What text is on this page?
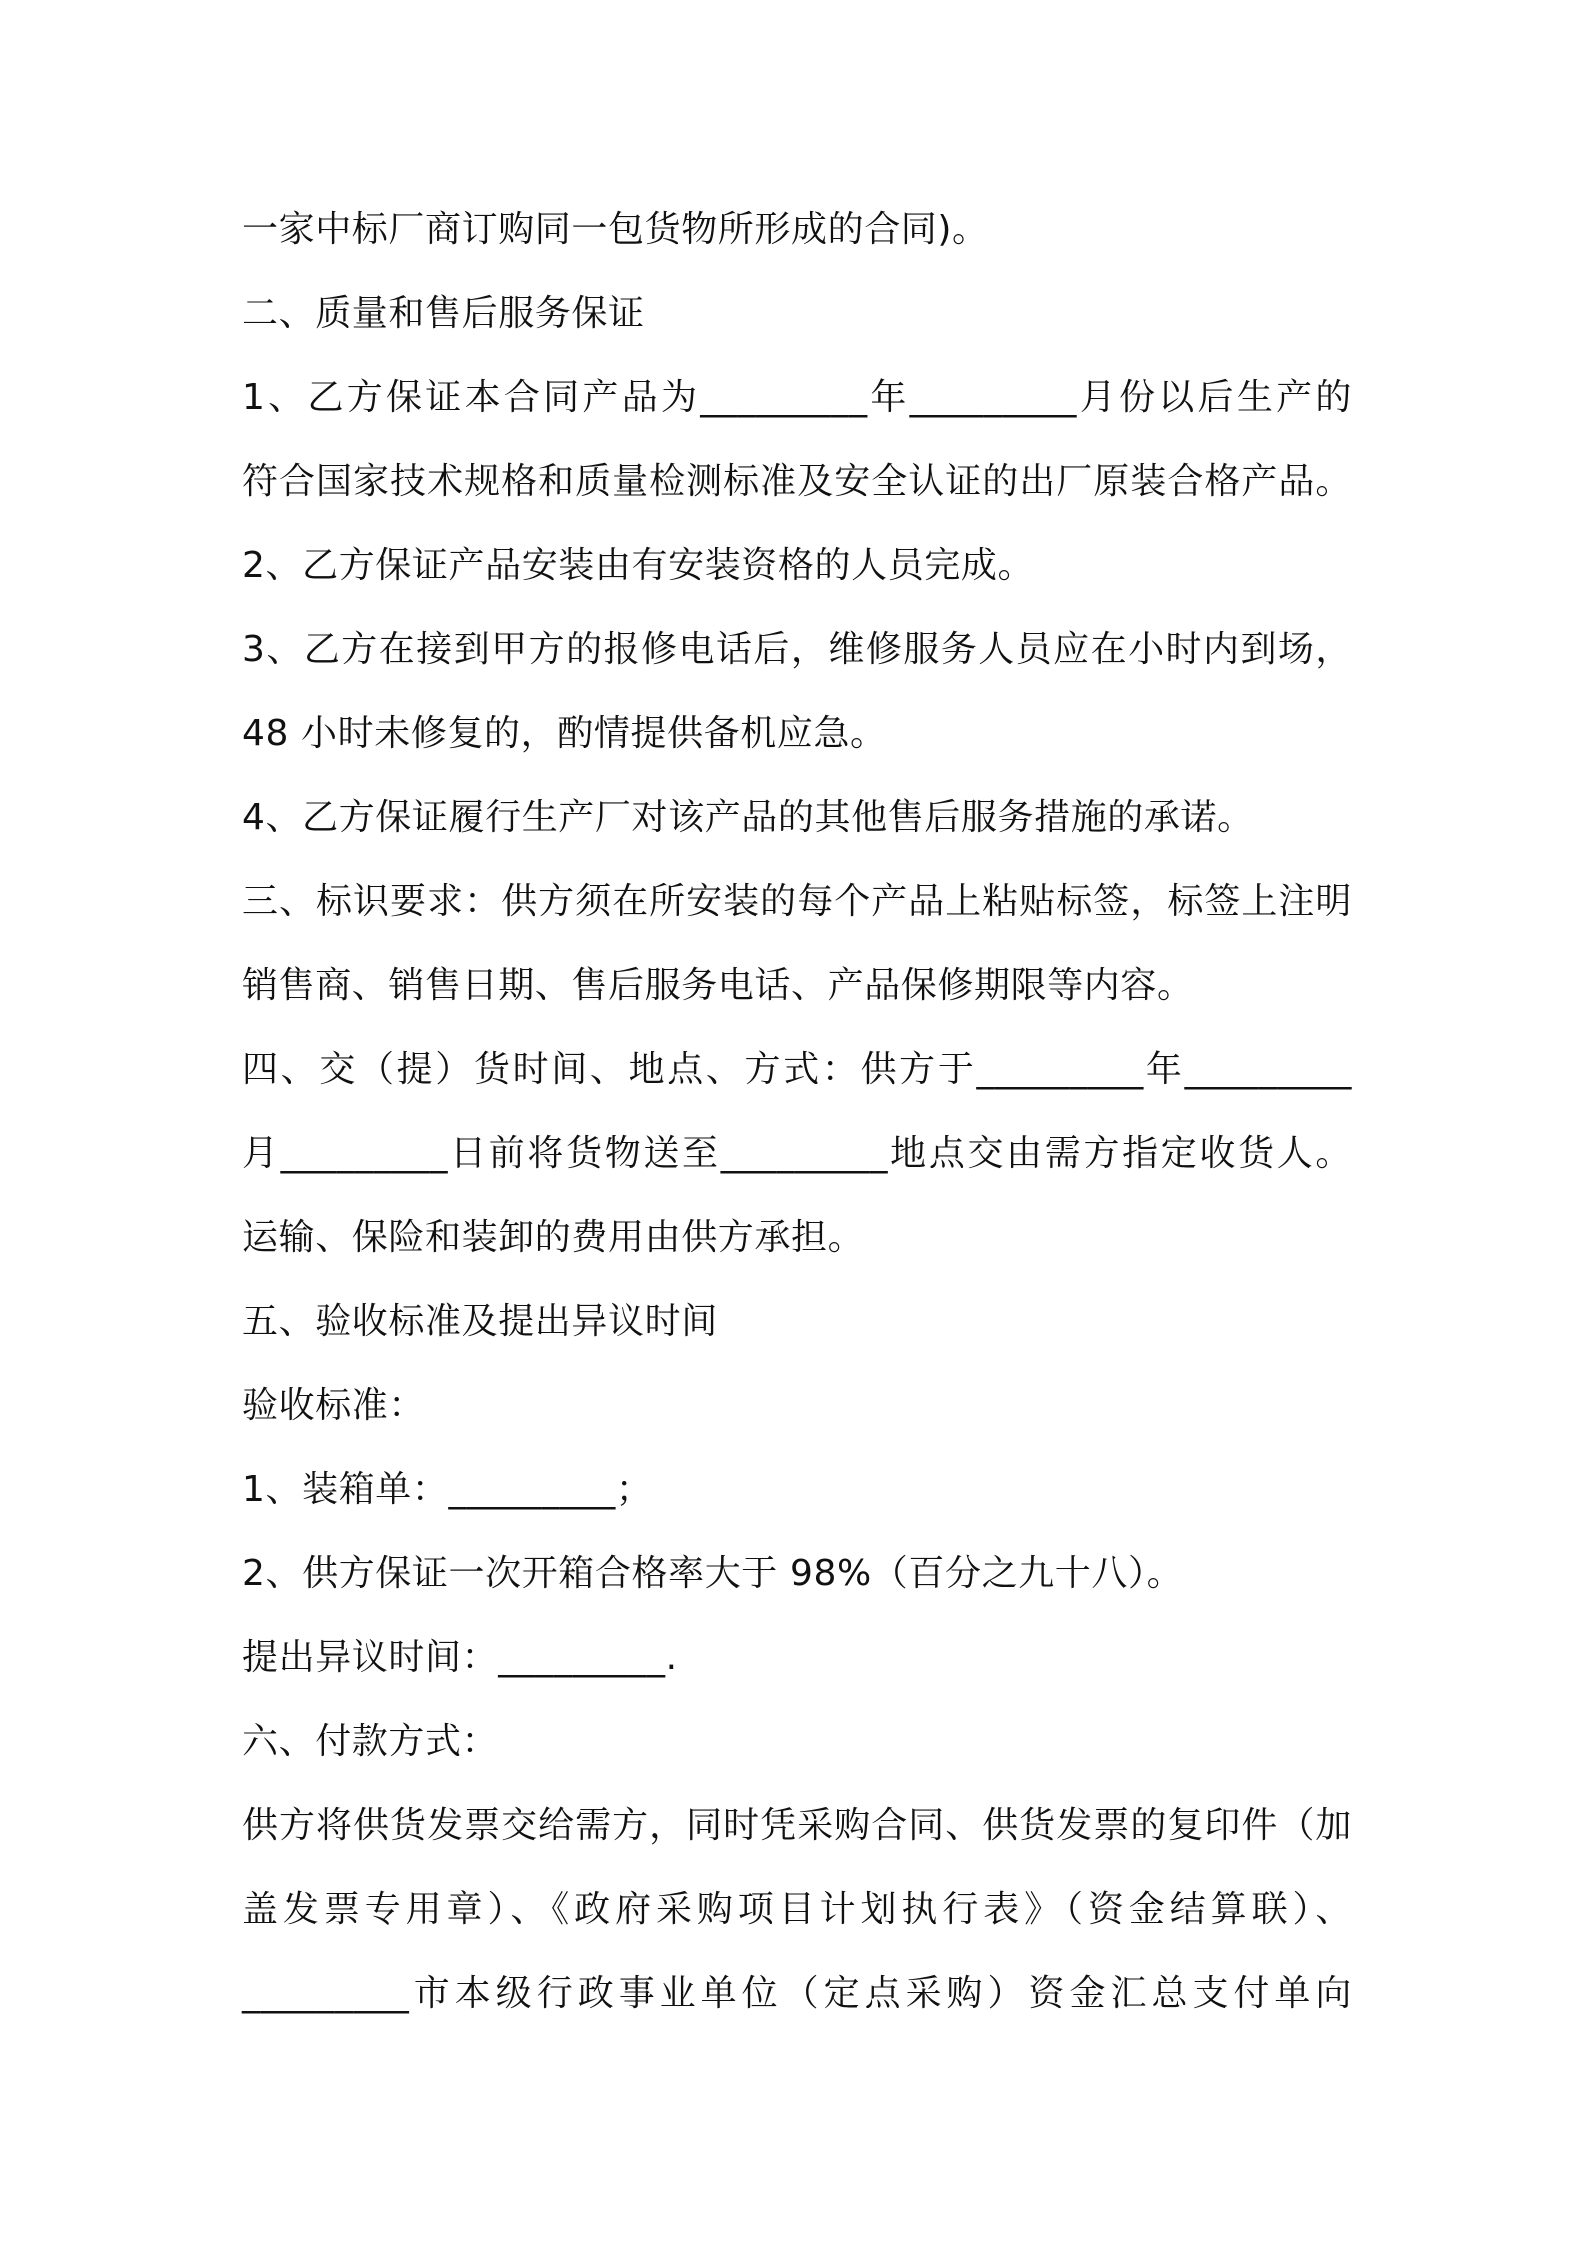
一家中标厂商订购同一包货物所形成的合同)。
二、质量和售后服务保证
1、乙方保证本合同产品为_________年_________月份以后生产的
符合国家技术规格和质量检测标准及安全认证的出厂原装合格产品。
2、乙方保证产品安装由有安装资格的人员完成。
3、乙方在接到甲方的报修电话后，维修服务人员应在小时内到场，
48 小时未修复的，酌情提供备机应急。
4、乙方保证履行生产厂对该产品的其他售后服务措施的承诺。
三、标识要求：供方须在所安装的每个产品上粘贴标签，标签上注明
销售商、销售日期、售后服务电话、产品保修期限等内容。
四、交（提）货时间、地点、方式：供方于_________年_________
月_________日前将货物送至_________地点交由需方指定收货人。
运输、保险和装卸的费用由供方承担。
五、验收标准及提出异议时间
验收标准：
1、装箱单：_________；
2、供方保证一次开箱合格率大于 98%（百分之九十八）。
提出异议时间：_________.
六、付款方式：
供方将供货发票交给需方，同时凭采购合同、供货发票的复印件（加
盖发票专用章）、《政府采购项目计划执行表》（资金结算联）、
_________市本级行政事业单位（定点采购）资金汇总支付单向
